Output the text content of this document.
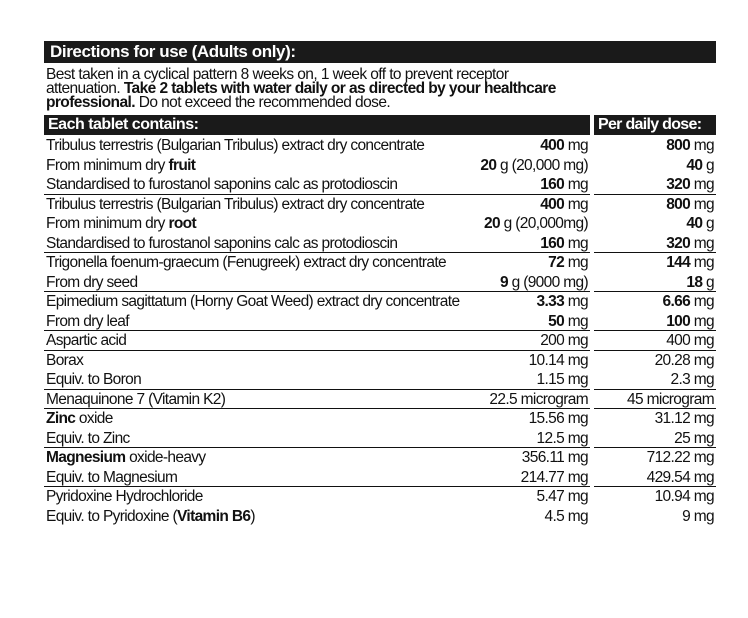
Directions for use (Adults only):
Best taken in a cyclical pattern 8 weeks on, 1 week off to prevent receptor
attenuation. Take 2 tablets with water daily or as directed by your healthcare
professional. Do not exceed the recommended dose.
Each tablet contains:	Per daily dose:
Tribulus terrestris (Bulgarian Tribulus) extract dry concentrate	400 mg	800 mg
From minimum dry fruit	20 g (20,000 mg)	40 g
Standardised to furostanol saponins calc as protodioscin	160 mg	320 mg
Tribulus terrestris (Bulgarian Tribulus) extract dry concentrate	400 mg	800 mg
From minimum dry root	20 g (20,000mg)	40 g
Standardised to furostanol saponins calc as protodioscin	160 mg	320 mg
Trigonella foenum-graecum (Fenugreek) extract dry concentrate	72 mg	144 mg
From dry seed	9 g (9000 mg)	18 g
Epimedium sagittatum (Horny Goat Weed) extract dry concentrate	3.33 mg	6.66 mg
From dry leaf	50 mg	100 mg
Aspartic acid	200 mg	400 mg
Borax	10.14 mg	20.28 mg
Equiv. to Boron	1.15 mg	2.3 mg
Menaquinone 7 (Vitamin K2)	22.5 microgram	45 microgram
Zinc oxide	15.56 mg	31.12 mg
Equiv. to Zinc	12.5 mg	25 mg
Magnesium oxide-heavy	356.11 mg	712.22 mg
Equiv. to Magnesium	214.77 mg	429.54 mg
Pyridoxine Hydrochloride	5.47 mg	10.94 mg
Equiv. to Pyridoxine (Vitamin B6)	4.5 mg	9 mg
